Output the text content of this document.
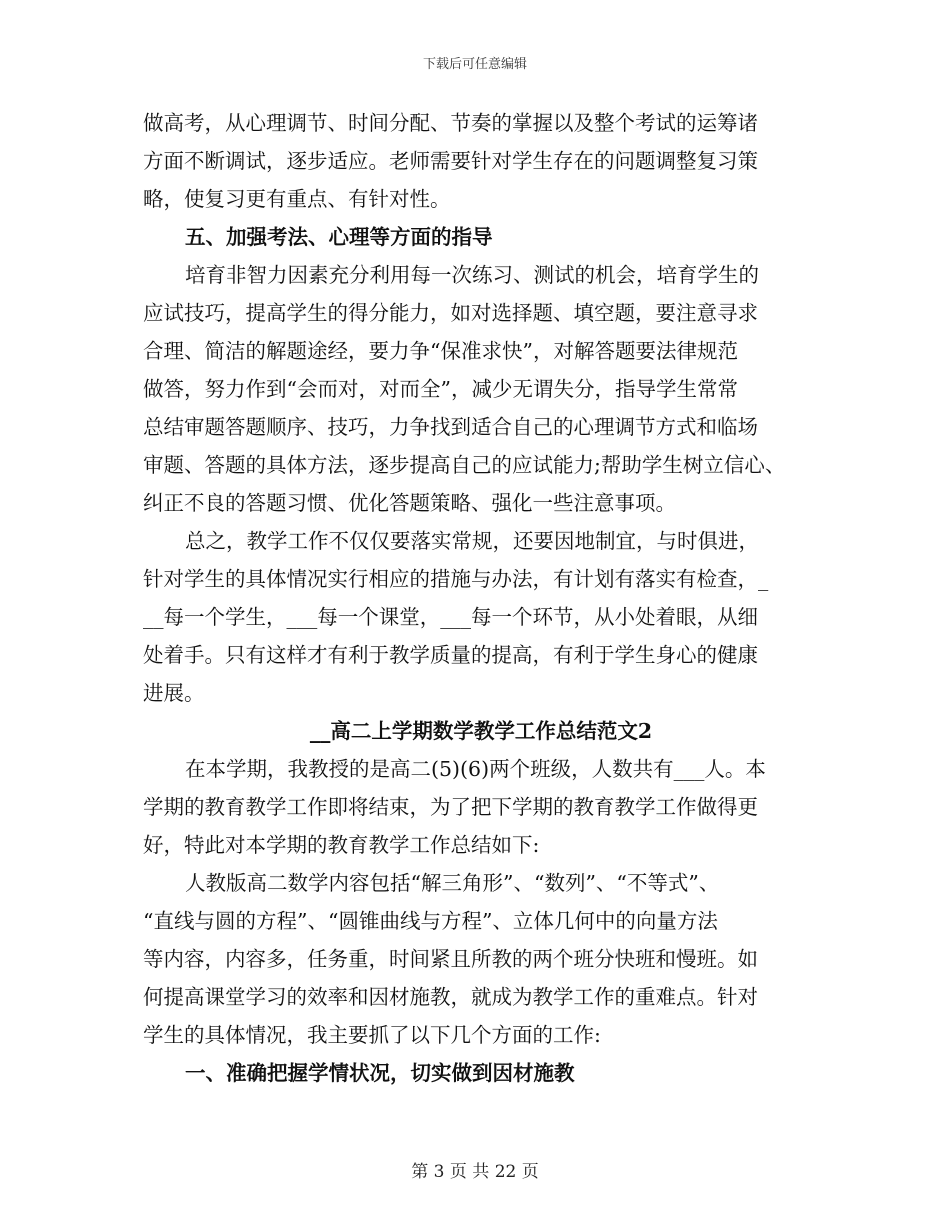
下载后可任意编辑
做高考，从心理调节、时间分配、节奏的掌握以及整个考试的运筹诸
方面不断调试，逐步适应。老师需要针对学生存在的问题调整复习策
略，使复习更有重点、有针对性。
五、加强考法、心理等方面的指导
培育非智力因素充分利用每一次练习、测试的机会，培育学生的
应试技巧，提高学生的得分能力，如对选择题、填空题，要注意寻求
合理、简洁的解题途经，要力争“保准求快”，对解答题要法律规范
做答，努力作到“会而对，对而全”，减少无谓失分，指导学生常常
总结审题答题顺序、技巧，力争找到适合自己的心理调节方式和临场
审题、答题的具体方法，逐步提高自己的应试能力;帮助学生树立信心、
纠正不良的答题习惯、优化答题策略、强化一些注意事项。
总之，教学工作不仅仅要落实常规，还要因地制宜，与时俱进，
针对学生的具体情况实行相应的措施与办法，有计划有落实有检查，_
__每一个学生，___每一个课堂，___每一个环节，从小处着眼，从细
处着手。只有这样才有利于教学质量的提高，有利于学生身心的健康
进展。
__高二上学期数学教学工作总结范文2
在本学期，我教授的是高二(5)(6)两个班级，人数共有___人。本
学期的教育教学工作即将结束，为了把下学期的教育教学工作做得更
好，特此对本学期的教育教学工作总结如下:
人教版高二数学内容包括“解三角形”、“数列”、“不等式”、
“直线与圆的方程”、“圆锥曲线与方程”、立体几何中的向量方法
等内容，内容多，任务重，时间紧且所教的两个班分快班和慢班。如
何提高课堂学习的效率和因材施教，就成为教学工作的重难点。针对
学生的具体情况，我主要抓了以下几个方面的工作:
一、准确把握学情状况，切实做到因材施教
第 3 页 共 22 页
